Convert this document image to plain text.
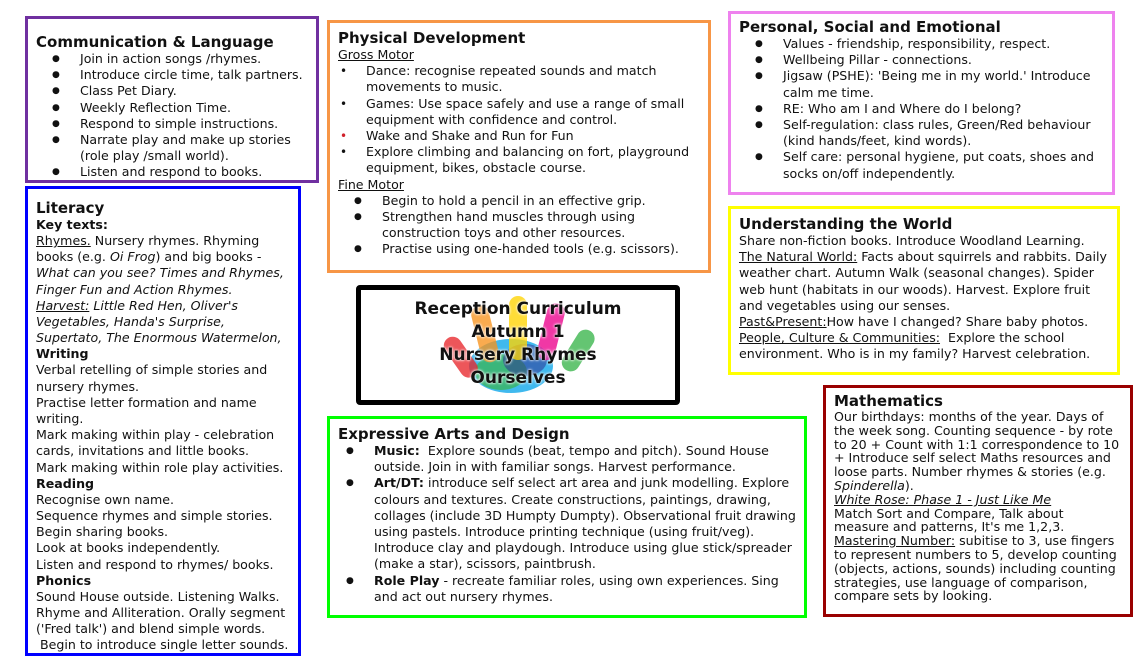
Communication & Language
● Join in action songs /rhymes.
● Introduce circle time, talk partners.
● Class Pet Diary.
● Weekly Reflection Time.
● Respond to simple instructions.
● Narrate play and make up stories (role play /small world).
● Listen and respond to books.
Literacy
Key texts:
Rhymes. Nursery rhymes. Rhyming books (e.g. Oi Frog) and big books - What can you see? Times and Rhymes, Finger Fun and Action Rhymes.
Harvest: Little Red Hen, Oliver's Vegetables, Handa's Surprise, Supertato, The Enormous Watermelon,
Writing
Verbal retelling of simple stories and nursery rhymes.
Practise letter formation and name writing.
Mark making within play - celebration cards, invitations and little books.
Mark making within role play activities.
Reading
Recognise own name.
Sequence rhymes and simple stories.
Begin sharing books.
Look at books independently.
Listen and respond to rhymes/ books.
Phonics
Sound House outside. Listening Walks. Rhyme and Alliteration. Orally segment ('Fred talk') and blend simple words.
Begin to introduce single letter sounds.
Physical Development
Gross Motor
• Dance: recognise repeated sounds and match movements to music.
• Games: Use space safely and use a range of small equipment with confidence and control.
• Wake and Shake and Run for Fun
• Explore climbing and balancing on fort, playground equipment, bikes, obstacle course.
Fine Motor
● Begin to hold a pencil in an effective grip.
● Strengthen hand muscles through using construction toys and other resources.
● Practise using one-handed tools (e.g. scissors).
Personal, Social and Emotional
● Values - friendship, responsibility, respect.
● Wellbeing Pillar - connections.
● Jigsaw (PSHE): 'Being me in my world.' Introduce calm me time.
● RE: Who am I and Where do I belong?
● Self-regulation: class rules, Green/Red behaviour (kind hands/feet, kind words).
● Self care: personal hygiene, put coats, shoes and socks on/off independently.
Understanding the World
Share non-fiction books. Introduce Woodland Learning.
The Natural World: Facts about squirrels and rabbits. Daily weather chart. Autumn Walk (seasonal changes). Spider web hunt (habitats in our woods). Harvest. Explore fruit and vegetables using our senses.
Past&Present:How have I changed? Share baby photos.
People, Culture & Communities:  Explore the school environment. Who is in my family? Harvest celebration.
Reception Curriculum
Autumn 1
Nursery Rhymes
Ourselves
Expressive Arts and Design
● Music:  Explore sounds (beat, tempo and pitch). Sound House outside. Join in with familiar songs. Harvest performance.
● Art/DT: introduce self select art area and junk modelling. Explore colours and textures. Create constructions, paintings, drawing, collages (include 3D Humpty Dumpty). Observational fruit drawing using pastels. Introduce printing technique (using fruit/veg). Introduce clay and playdough. Introduce using glue stick/spreader (make a star), scissors, paintbrush.
● Role Play - recreate familiar roles, using own experiences. Sing and act out nursery rhymes.
Mathematics
Our birthdays: months of the year. Days of the week song. Counting sequence - by rote to 20 + Count with 1:1 correspondence to 10 + Introduce self select Maths resources and loose parts. Number rhymes & stories (e.g. Spinderella).
White Rose: Phase 1 - Just Like Me
Match Sort and Compare, Talk about measure and patterns, It's me 1,2,3.
Mastering Number: subitise to 3, use fingers to represent numbers to 5, develop counting (objects, actions, sounds) including counting strategies, use language of comparison, compare sets by looking.
